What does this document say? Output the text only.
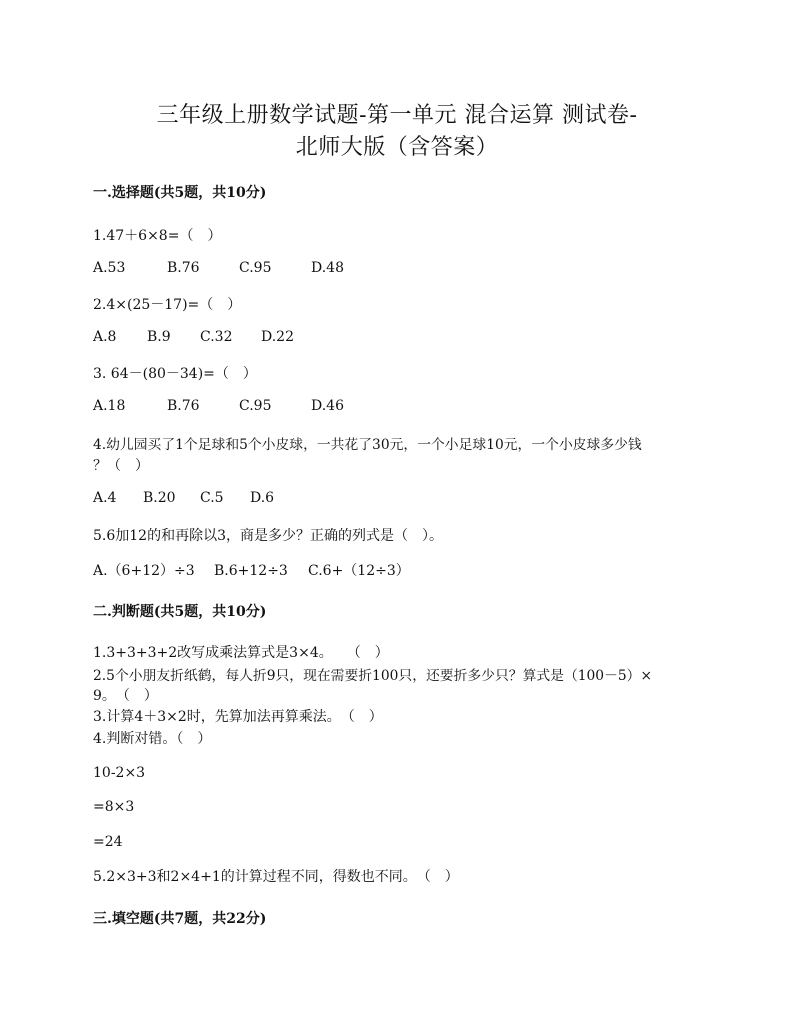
三年级上册数学试题-第一单元 混合运算 测试卷-
北师大版（含答案）
一.选择题(共5题，共10分)
1.47＋6×8=（　）
A.53	B.76	C.95	D.48
2.4×(25－17)=（　）
A.8 B.9 C.32 D.22
3. 64－(80－34)=（　）
A.18	B.76	C.95	D.46
4.幼儿园买了1个足球和5个小皮球，一共花了30元，一个小足球10元，一个小皮球多少钱
？（　）
A.4 B.20 C.5 D.6
5.6加12的和再除以3，商是多少？正确的列式是（　）。
A.（6+12）÷3 B.6+12÷3 C.6+（12÷3）
二.判断题(共5题，共10分)
1.3+3+3+2改写成乘法算式是3×4。　　（　）
2.5个小朋友折纸鹤，每人折9只，现在需要折100只，还要折多少只？算式是（100－5）×
9。　（　）
3.计算4＋3×2时，先算加法再算乘法。　（　）
4.判断对错。（　）
10-2×3
=8×3
=24
5.2×3+3和2×4+1的计算过程不同，得数也不同。　（　）
三.填空题(共7题，共22分)
